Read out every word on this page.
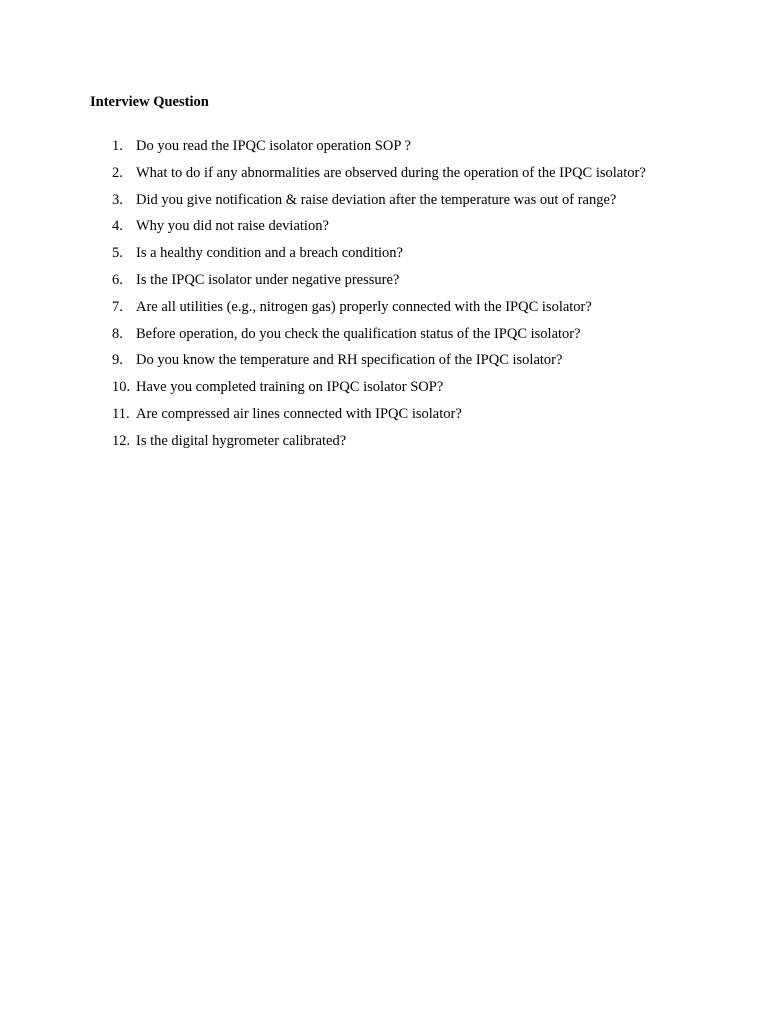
Interview Question
1. Do you read the IPQC isolator operation SOP ?
2. What to do if any abnormalities are observed during the operation of the IPQC isolator?
3. Did you give notification & raise deviation after the temperature was out of range?
4. Why you did not raise deviation?
5. Is a healthy condition and a breach condition?
6. Is the IPQC isolator under negative pressure?
7. Are all utilities (e.g., nitrogen gas) properly connected with the IPQC isolator?
8. Before operation, do you check the qualification status of the IPQC isolator?
9. Do you know the temperature and RH specification of the IPQC isolator?
10. Have you completed training on IPQC isolator SOP?
11. Are compressed air lines connected with IPQC isolator?
12. Is the digital hygrometer calibrated?
